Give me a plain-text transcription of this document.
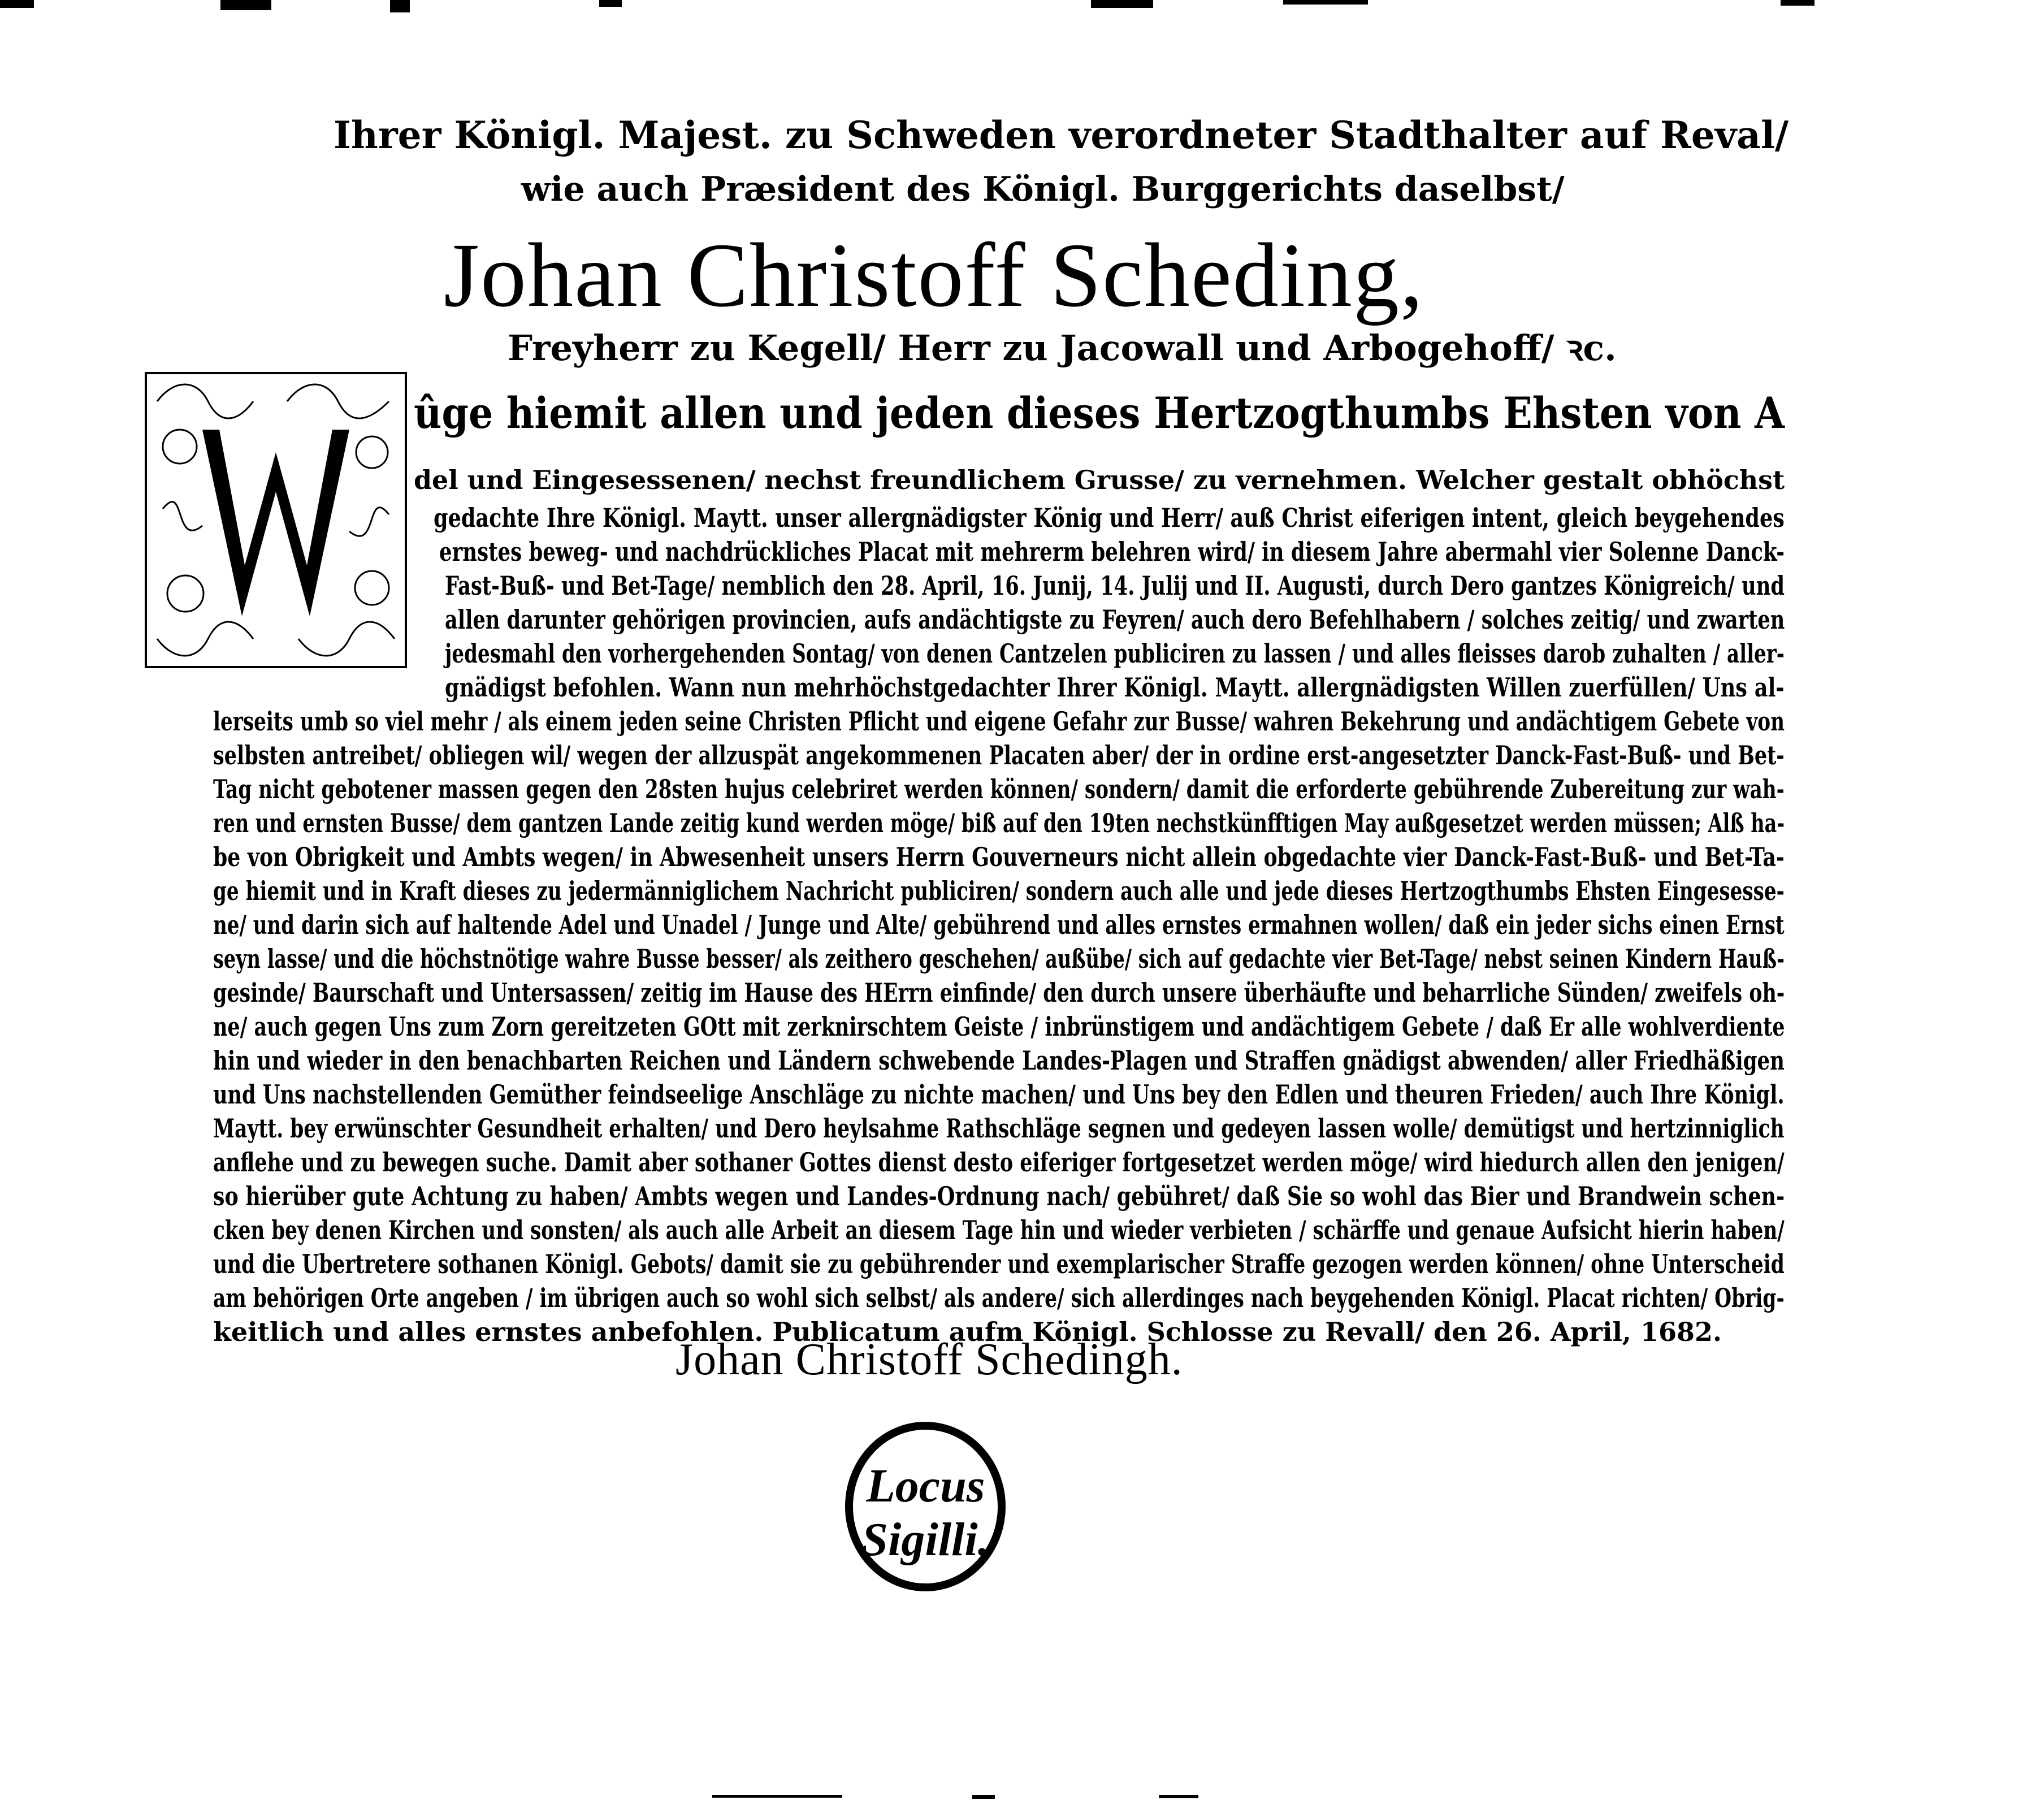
Ihrer Königl. Majest. zu Schweden verordneter Stadthalter auf Reval/
wie auch Præsident des Königl. Burggerichts daselbst/
Johan Christoff Scheding,
Freyherr zu Kegell/ Herr zu Jacowall und Arbogehoff/ ꝛc.
T
ûge hiemit allen und jeden dieses Hertzogthumbs Ehsten von A
del und Eingesessenen/ nechst freundlichem Grusse/ zu vernehmen. Welcher gestalt obhöchst
gedachte Ihre Königl. Maytt. unser allergnädigster König und Herr/ auß Christ eiferigen intent, gleich beygehendes
ernstes beweg- und nachdrückliches Placat mit mehrerm belehren wird/ in diesem Jahre abermahl vier Solenne Danck-
Fast-Buß- und Bet-Tage/ nemblich den 28. April, 16. Junij, 14. Julij und II. Augusti, durch Dero gantzes Königreich/ und
allen darunter gehörigen provincien, aufs andächtigste zu Feyren/ auch dero Befehlhabern / solches zeitig/ und zwarten
jedesmahl den vorhergehenden Sontag/ von denen Cantzelen publiciren zu lassen / und alles fleisses darob zuhalten / aller-
gnädigst befohlen. Wann nun mehrhöchstgedachter Ihrer Königl. Maytt. allergnädigsten Willen zuerfüllen/ Uns al-
lerseits umb so viel mehr / als einem jeden seine Christen Pflicht und eigene Gefahr zur Busse/ wahren Bekehrung und andächtigem Gebete von
selbsten antreibet/ obliegen wil/ wegen der allzuspät angekommenen Placaten aber/ der in ordine erst-angesetzter Danck-Fast-Buß- und Bet-
Tag nicht gebotener massen gegen den 28sten hujus celebriret werden können/ sondern/ damit die erforderte gebührende Zubereitung zur wah-
ren und ernsten Busse/ dem gantzen Lande zeitig kund werden möge/ biß auf den 19ten nechstkünfftigen May außgesetzet werden müssen; Alß ha-
be von Obrigkeit und Ambts wegen/ in Abwesenheit unsers Herrn Gouverneurs nicht allein obgedachte vier Danck-Fast-Buß- und Bet-Ta-
ge hiemit und in Kraft dieses zu jedermänniglichem Nachricht publiciren/ sondern auch alle und jede dieses Hertzogthumbs Ehsten Eingesesse-
ne/ und darin sich auf haltende Adel und Unadel / Junge und Alte/ gebührend und alles ernstes ermahnen wollen/ daß ein jeder sichs einen Ernst
seyn lasse/ und die höchstnötige wahre Busse besser/ als zeithero geschehen/ außübe/ sich auf gedachte vier Bet-Tage/ nebst seinen Kindern Hauß-
gesinde/ Baurschaft und Untersassen/ zeitig im Hause des HErrn einfinde/ den durch unsere überhäufte und beharrliche Sünden/ zweifels oh-
ne/ auch gegen Uns zum Zorn gereitzeten GOtt mit zerknirschtem Geiste / inbrünstigem und andächtigem Gebete / daß Er alle wohlverdiente
hin und wieder in den benachbarten Reichen und Ländern schwebende Landes-Plagen und Straffen gnädigst abwenden/ aller Friedhäßigen
und Uns nachstellenden Gemüther feindseelige Anschläge zu nichte machen/ und Uns bey den Edlen und theuren Frieden/ auch Ihre Königl.
Maytt. bey erwünschter Gesundheit erhalten/ und Dero heylsahme Rathschläge segnen und gedeyen lassen wolle/ demütigst und hertzinniglich
anflehe und zu bewegen suche. Damit aber sothaner Gottes dienst desto eiferiger fortgesetzet werden möge/ wird hiedurch allen den jenigen/
so hierüber gute Achtung zu haben/ Ambts wegen und Landes-Ordnung nach/ gebühret/ daß Sie so wohl das Bier und Brandwein schen-
cken bey denen Kirchen und sonsten/ als auch alle Arbeit an diesem Tage hin und wieder verbieten / schärffe und genaue Aufsicht hierin haben/
und die Ubertretere sothanen Königl. Gebots/ damit sie zu gebührender und exemplarischer Straffe gezogen werden können/ ohne Unterscheid
am behörigen Orte angeben / im übrigen auch so wohl sich selbst/ als andere/ sich allerdinges nach beygehenden Königl. Placat richten/ Obrig-
keitlich und alles ernstes anbefohlen. Publicatum aufm Königl. Schlosse zu Revall/ den 26. April, 1682.
Johan Christoff Schedingh.
Locus
Sigilli.
